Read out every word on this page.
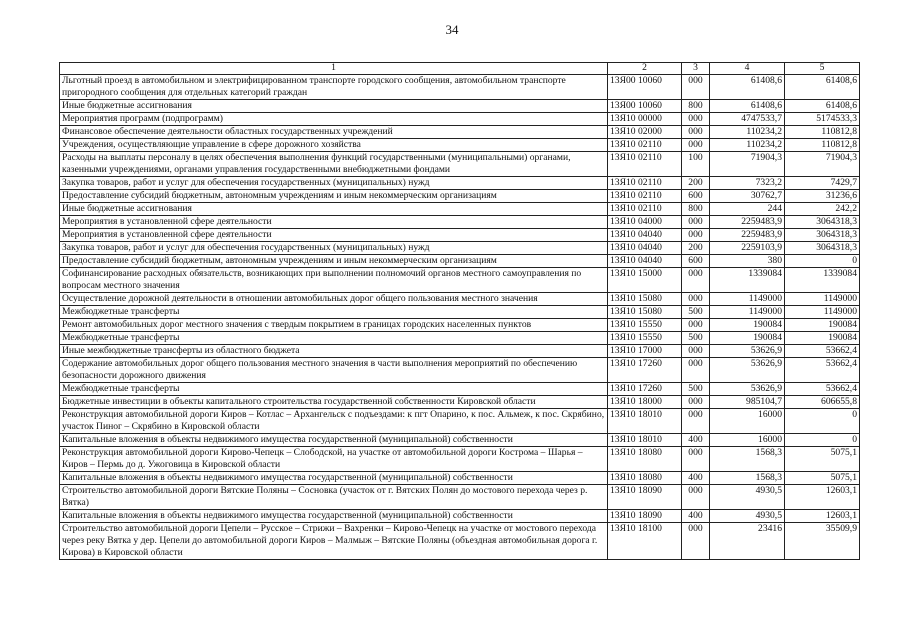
34
1	2	3	4	5
Льготный проезд в автомобильном и электрифицированном транспорте городского сообщения, автомобильном транспорте пригородного сообщения для отдельных категорий граждан	13Я00 10060	000	61408,6	61408,6
Иные бюджетные ассигнования	13Я00 10060	800	61408,6	61408,6
Мероприятия программ (подпрограмм)	13Я10 00000	000	4747533,7	5174533,3
Финансовое обеспечение деятельности областных государственных учреждений	13Я10 02000	000	110234,2	110812,8
Учреждения, осуществляющие управление в сфере дорожного хозяйства	13Я10 02110	000	110234,2	110812,8
Расходы на выплаты персоналу в целях обеспечения выполнения функций государственными (муниципальными) органами, казенными учреждениями, органами управления государственными внебюджетными фондами	13Я10 02110	100	71904,3	71904,3
Закупка товаров, работ и услуг для обеспечения государственных (муниципальных) нужд	13Я10 02110	200	7323,2	7429,7
Предоставление субсидий бюджетным, автономным учреждениям и иным некоммерческим организациям	13Я10 02110	600	30762,7	31236,6
Иные бюджетные ассигнования	13Я10 02110	800	244	242,2
Мероприятия в установленной сфере деятельности	13Я10 04000	000	2259483,9	3064318,3
Мероприятия в установленной сфере деятельности	13Я10 04040	000	2259483,9	3064318,3
Закупка товаров, работ и услуг для обеспечения государственных (муниципальных) нужд	13Я10 04040	200	2259103,9	3064318,3
Предоставление субсидий бюджетным, автономным учреждениям и иным некоммерческим организациям	13Я10 04040	600	380	0
Софинансирование расходных обязательств, возникающих при выполнении полномочий органов местного самоуправления по вопросам местного значения	13Я10 15000	000	1339084	1339084
Осуществление дорожной деятельности в отношении автомобильных дорог общего пользования местного значения	13Я10 15080	000	1149000	1149000
Межбюджетные трансферты	13Я10 15080	500	1149000	1149000
Ремонт автомобильных дорог местного значения с твердым покрытием в границах городских населенных пунктов	13Я10 15550	000	190084	190084
Межбюджетные трансферты	13Я10 15550	500	190084	190084
Иные межбюджетные трансферты из областного бюджета	13Я10 17000	000	53626,9	53662,4
Содержание автомобильных дорог общего пользования местного значения в части выполнения мероприятий по обеспечению безопасности дорожного движения	13Я10 17260	000	53626,9	53662,4
Межбюджетные трансферты	13Я10 17260	500	53626,9	53662,4
Бюджетные инвестиции в объекты капитального строительства государственной собственности Кировской области	13Я10 18000	000	985104,7	606655,8
Реконструкция автомобильной дороги Киров – Котлас – Архангельск с подъездами: к пгт Опарино, к пос. Альмеж, к пос. Скрябино, участок Пиног – Скрябино в Кировской области	13Я10 18010	000	16000	0
Капитальные вложения в объекты недвижимого имущества государственной (муниципальной) собственности	13Я10 18010	400	16000	0
Реконструкция автомобильной дороги Кирово-Чепецк – Слободской, на участке от автомобильной дороги Кострома – Шарья – Киров – Пермь до д. Ужоговица в Кировской области	13Я10 18080	000	1568,3	5075,1
Капитальные вложения в объекты недвижимого имущества государственной (муниципальной) собственности	13Я10 18080	400	1568,3	5075,1
Строительство автомобильной дороги Вятские Поляны – Сосновка (участок от г. Вятских Полян до мостового перехода через р. Вятка)	13Я10 18090	000	4930,5	12603,1
Капитальные вложения в объекты недвижимого имущества государственной (муниципальной) собственности	13Я10 18090	400	4930,5	12603,1
Строительство автомобильной дороги Цепели – Русское – Стрижи – Вахренки – Кирово-Чепецк на участке от мостового перехода через реку Вятка у дер. Цепели до автомобильной дороги Киров – Малмыж – Вятские Поляны (объездная автомобильная дорога г. Кирова) в Кировской области	13Я10 18100	000	23416	35509,9
